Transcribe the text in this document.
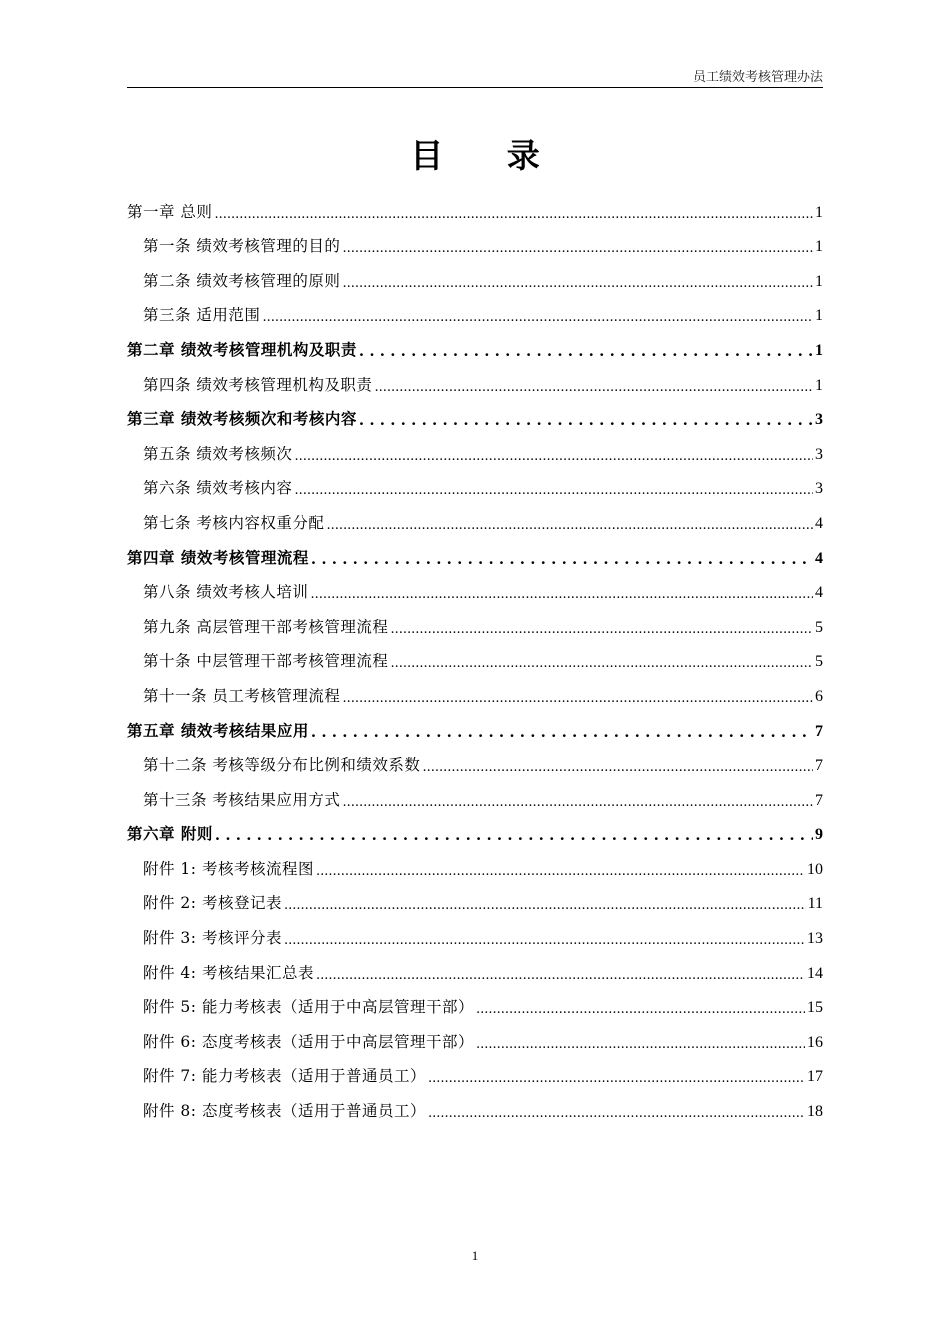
员工绩效考核管理办法
目 录
第一章 总则 .....	1
第一条 绩效考核管理的目的 .....	1
第二条 绩效考核管理的原则 .....	1
第三条 适用范围 .....	1
第二章 绩效考核管理机构及职责 . . .	1
第四条 绩效考核管理机构及职责 .....	1
第三章 绩效考核频次和考核内容 . . .	3
第五条 绩效考核频次 .....	3
第六条 绩效考核内容 .....	3
第七条 考核内容权重分配 .....	4
第四章 绩效考核管理流程 . . .	4
第八条 绩效考核人培训 .....	4
第九条 高层管理干部考核管理流程 .....	5
第十条 中层管理干部考核管理流程 .....	5
第十一条 员工考核管理流程 .....	6
第五章 绩效考核结果应用 . . .	7
第十二条 考核等级分布比例和绩效系数 .....	7
第十三条 考核结果应用方式 .....	7
第六章 附则 . . .	9
附件 1: 考核考核流程图 .....	10
附件 2: 考核登记表 .....	11
附件 3: 考核评分表 .....	13
附件 4: 考核结果汇总表 .....	14
附件 5: 能力考核表（适用于中高层管理干部） .....	15
附件 6: 态度考核表（适用于中高层管理干部） .....	16
附件 7: 能力考核表（适用于普通员工） .....	17
附件 8: 态度考核表（适用于普通员工） .....	18
1
